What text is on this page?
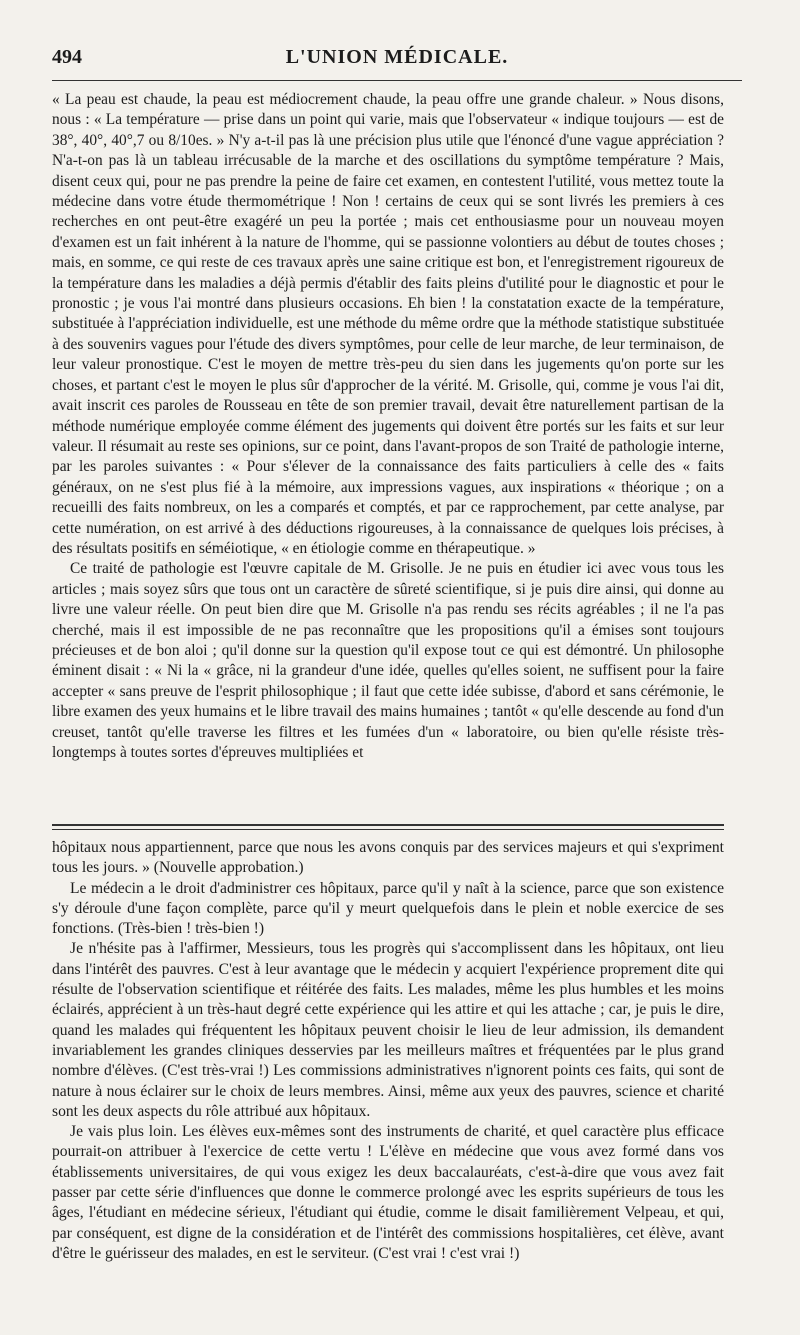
494	L'UNION MÉDICALE.

« La peau est chaude, la peau est médiocrement chaude, la peau offre une grande chaleur. » Nous disons, nous : « La température — prise dans un point qui varie, mais que l'observateur « indique toujours — est de 38°, 40°, 40°,7 ou 8/10es. » N'y a-t-il pas là une précision plus utile que l'énoncé d'une vague appréciation ? N'a-t-on pas là un tableau irrécusable de la marche et des oscillations du symptôme température ? Mais, disent ceux qui, pour ne pas prendre la peine de faire cet examen, en contestent l'utilité, vous mettez toute la médecine dans votre étude thermométrique ! Non ! certains de ceux qui se sont livrés les premiers à ces recherches en ont peut-être exagéré un peu la portée ; mais cet enthousiasme pour un nouveau moyen d'examen est un fait inhérent à la nature de l'homme, qui se passionne volontiers au début de toutes choses ; mais, en somme, ce qui reste de ces travaux après une saine critique est bon, et l'enregistrement rigoureux de la température dans les maladies a déjà permis d'établir des faits pleins d'utilité pour le diagnostic et pour le pronostic ; je vous l'ai montré dans plusieurs occasions. Eh bien ! la constatation exacte de la température, substituée à l'appréciation individuelle, est une méthode du même ordre que la méthode statistique substituée à des souvenirs vagues pour l'étude des divers symptômes, pour celle de leur marche, de leur terminaison, de leur valeur pronostique. C'est le moyen de mettre très-peu du sien dans les jugements qu'on porte sur les choses, et partant c'est le moyen le plus sûr d'approcher de la vérité. M. Grisolle, qui, comme je vous l'ai dit, avait inscrit ces paroles de Rousseau en tête de son premier travail, devait être naturellement partisan de la méthode numérique employée comme élément des jugements qui doivent être portés sur les faits et sur leur valeur. Il résumait au reste ses opinions, sur ce point, dans l'avant-propos de son Traité de pathologie interne, par les paroles suivantes : « Pour s'élever de la connaissance des faits particuliers à celle des « faits généraux, on ne s'est plus fié à la mémoire, aux impressions vagues, aux inspirations « théorique ; on a recueilli des faits nombreux, on les a comparés et comptés, et par ce rapprochement, par cette analyse, par cette numération, on est arrivé à des déductions rigoureuses, à la connaissance de quelques lois précises, à des résultats positifs en séméiotique, « en étiologie comme en thérapeutique. »

Ce traité de pathologie est l'œuvre capitale de M. Grisolle. Je ne puis en étudier ici avec vous tous les articles ; mais soyez sûrs que tous ont un caractère de sûreté scientifique, si je puis dire ainsi, qui donne au livre une valeur réelle. On peut bien dire que M. Grisolle n'a pas rendu ses récits agréables ; il ne l'a pas cherché, mais il est impossible de ne pas reconnaître que les propositions qu'il a émises sont toujours précieuses et de bon aloi ; qu'il donne sur la question qu'il expose tout ce qui est démontré. Un philosophe éminent disait : « Ni la « grâce, ni la grandeur d'une idée, quelles qu'elles soient, ne suffisent pour la faire accepter « sans preuve de l'esprit philosophique ; il faut que cette idée subisse, d'abord et sans cérémonie, le libre examen des yeux humains et le libre travail des mains humaines ; tantôt « qu'elle descende au fond d'un creuset, tantôt qu'elle traverse les filtres et les fumées d'un « laboratoire, ou bien qu'elle résiste très-longtemps à toutes sortes d'épreuves multipliées et

hôpitaux nous appartiennent, parce que nous les avons conquis par des services majeurs et qui s'expriment tous les jours. » (Nouvelle approbation.)

Le médecin a le droit d'administrer ces hôpitaux, parce qu'il y naît à la science, parce que son existence s'y déroule d'une façon complète, parce qu'il y meurt quelquefois dans le plein et noble exercice de ses fonctions. (Très-bien ! très-bien !)

Je n'hésite pas à l'affirmer, Messieurs, tous les progrès qui s'accomplissent dans les hôpitaux, ont lieu dans l'intérêt des pauvres. C'est à leur avantage que le médecin y acquiert l'expérience proprement dite qui résulte de l'observation scientifique et réitérée des faits. Les malades, même les plus humbles et les moins éclairés, apprécient à un très-haut degré cette expérience qui les attire et qui les attache ; car, je puis le dire, quand les malades qui fréquentent les hôpitaux peuvent choisir le lieu de leur admission, ils demandent invariablement les grandes cliniques desservies par les meilleurs maîtres et fréquentées par le plus grand nombre d'élèves. (C'est très-vrai !) Les commissions administratives n'ignorent points ces faits, qui sont de nature à nous éclairer sur le choix de leurs membres. Ainsi, même aux yeux des pauvres, science et charité sont les deux aspects du rôle attribué aux hôpitaux.

Je vais plus loin. Les élèves eux-mêmes sont des instruments de charité, et quel caractère plus efficace pourrait-on attribuer à l'exercice de cette vertu ! L'élève en médecine que vous avez formé dans vos établissements universitaires, de qui vous exigez les deux baccalauréats, c'est-à-dire que vous avez fait passer par cette série d'influences que donne le commerce prolongé avec les esprits supérieurs de tous les âges, l'étudiant en médecine sérieux, l'étudiant qui étudie, comme le disait familièrement Velpeau, et qui, par conséquent, est digne de la considération et de l'intérêt des commissions hospitalières, cet élève, avant d'être le guérisseur des malades, en est le serviteur. (C'est vrai ! c'est vrai !)
